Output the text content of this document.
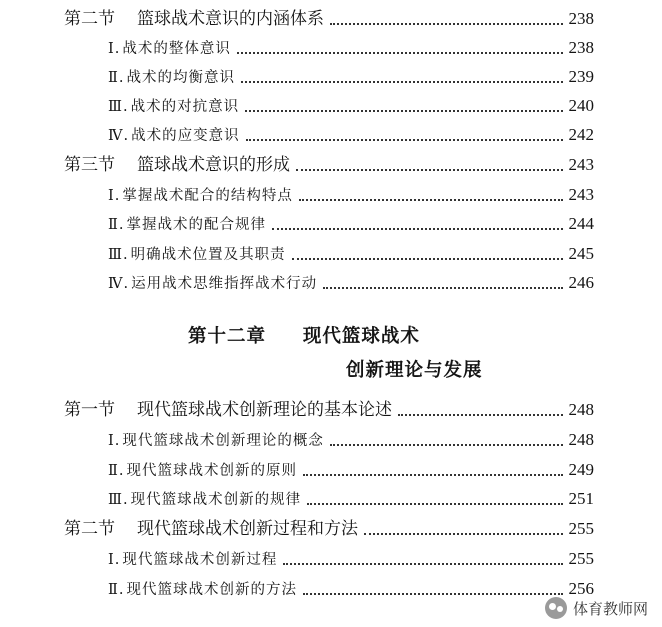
第二节 篮球战术意识的内涵体系	238
Ⅰ. 战术的整体意识	238
Ⅱ. 战术的均衡意识	239
Ⅲ. 战术的对抗意识	240
Ⅳ. 战术的应变意识	242
第三节 篮球战术意识的形成	243
Ⅰ. 掌握战术配合的结构特点	243
Ⅱ. 掌握战术的配合规律	244
Ⅲ. 明确战术位置及其职责	245
Ⅳ. 运用战术思维指挥战术行动	246
第十二章 现代篮球战术
创新理论与发展
第一节 现代篮球战术创新理论的基本论述	248
Ⅰ. 现代篮球战术创新理论的概念	248
Ⅱ. 现代篮球战术创新的原则	249
Ⅲ. 现代篮球战术创新的规律	251
第二节 现代篮球战术创新过程和方法	255
Ⅰ. 现代篮球战术创新过程	255
Ⅱ. 现代篮球战术创新的方法	256
体育教师网
